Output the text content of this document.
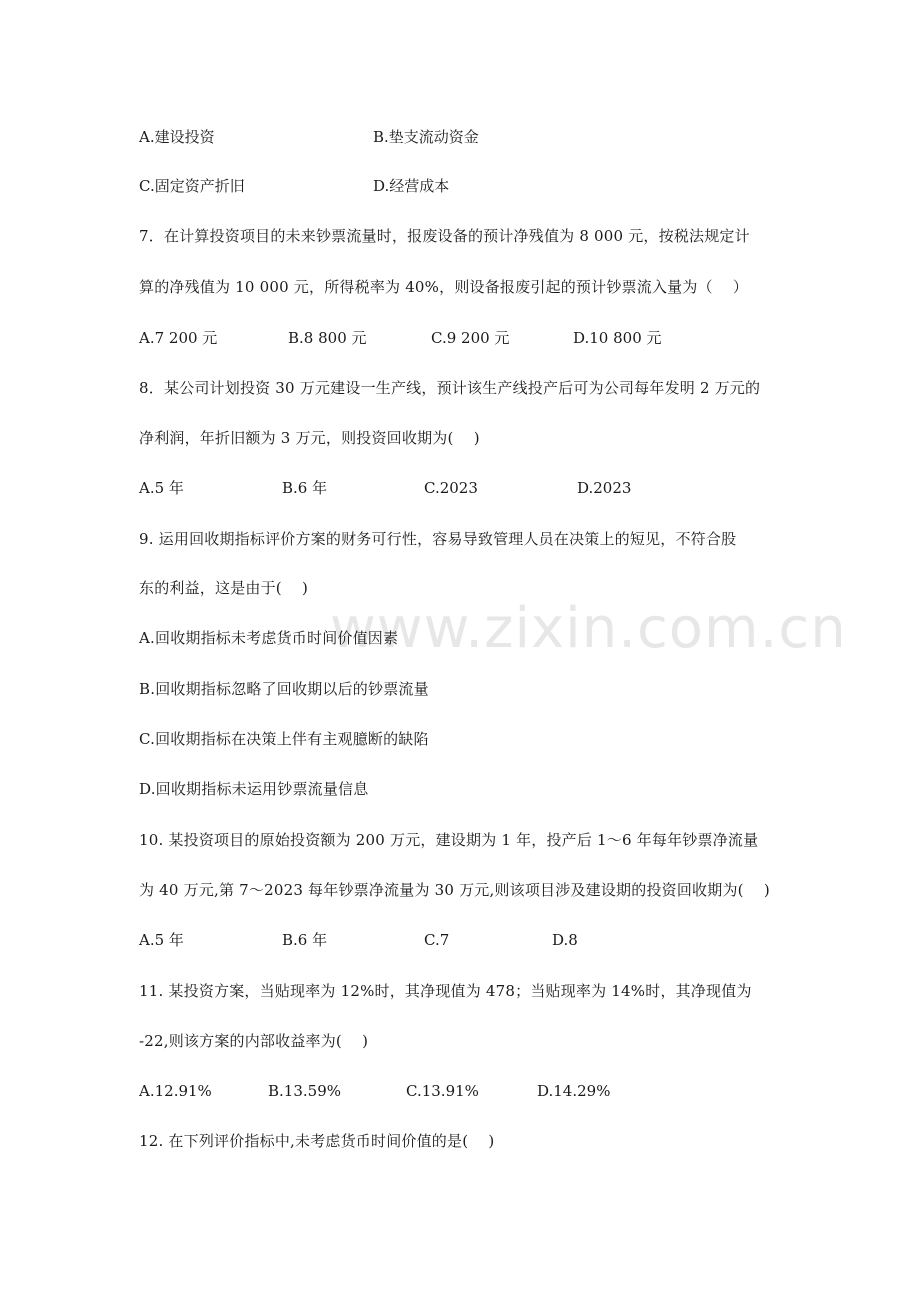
www.zixin.com.cn
A.建设投资	B.垫支流动资金
C.固定资产折旧	D.经营成本
7．在计算投资项目的未来钞票流量时，报废设备的预计净残值为 8 000 元，按税法规定计
算的净残值为 10 000 元，所得税率为 40%，则设备报废引起的预计钞票流入量为（　 ）
A.7 200 元	B.8 800 元	C.9 200 元	D.10 800 元
8．某公司计划投资 30 万元建设一生产线，预计该生产线投产后可为公司每年发明 2 万元的
净利润，年折旧额为 3 万元，则投资回收期为(　 )
A.5 年	B.6 年	C.2023	D.2023
9. 运用回收期指标评价方案的财务可行性，容易导致管理人员在决策上的短见，不符合股
东的利益，这是由于(　 )
A.回收期指标未考虑货币时间价值因素
B.回收期指标忽略了回收期以后的钞票流量
C.回收期指标在决策上伴有主观臆断的缺陷
D.回收期指标未运用钞票流量信息
10. 某投资项目的原始投资额为 200 万元，建设期为 1 年，投产后 1～6 年每年钞票净流量
为 40 万元,第 7～2023 每年钞票净流量为 30 万元,则该项目涉及建设期的投资回收期为(　 )
A.5 年	B.6 年	C.7	D.8
11. 某投资方案，当贴现率为 12%时，其净现值为 478；当贴现率为 14%时，其净现值为
-22,则该方案的内部收益率为(　 )
A.12.91%	B.13.59%	C.13.91%	D.14.29%
12. 在下列评价指标中,未考虑货币时间价值的是(　 )
